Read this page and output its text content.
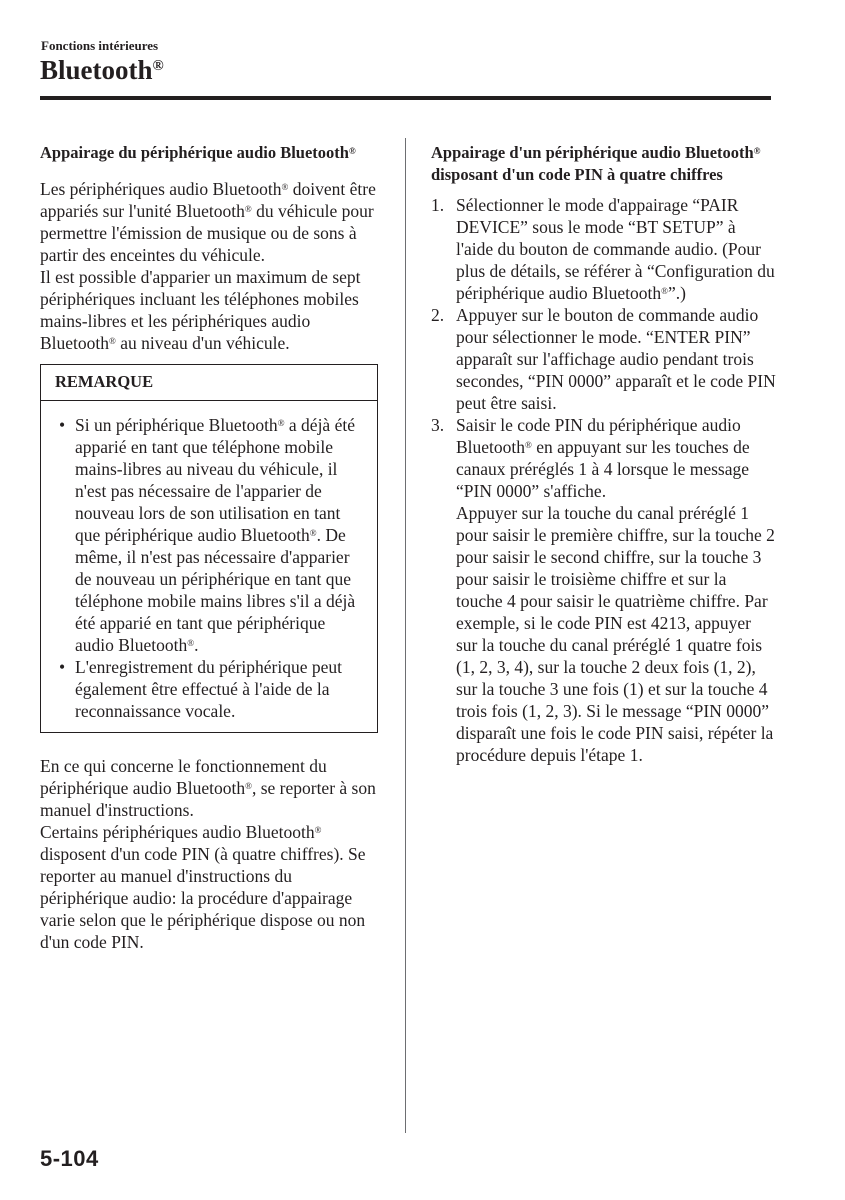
Fonctions intérieures
Bluetooth®

Appairage du périphérique audio Bluetooth®

Les périphériques audio Bluetooth® doivent être appariés sur l'unité Bluetooth® du véhicule pour permettre l'émission de musique ou de sons à partir des enceintes du véhicule.

Il est possible d'apparier un maximum de sept périphériques incluant les téléphones mobiles mains-libres et les périphériques audio Bluetooth® au niveau d'un véhicule.

REMARQUE

• Si un périphérique Bluetooth® a déjà été apparié en tant que téléphone mobile mains-libres au niveau du véhicule, il n'est pas nécessaire de l'apparier de nouveau lors de son utilisation en tant que périphérique audio Bluetooth®. De même, il n'est pas nécessaire d'apparier de nouveau un périphérique en tant que téléphone mobile mains libres s'il a déjà été apparié en tant que périphérique audio Bluetooth®.

• L'enregistrement du périphérique peut également être effectué à l'aide de la reconnaissance vocale.

En ce qui concerne le fonctionnement du périphérique audio Bluetooth®, se reporter à son manuel d'instructions.

Certains périphériques audio Bluetooth® disposent d'un code PIN (à quatre chiffres). Se reporter au manuel d'instructions du périphérique audio: la procédure d'appairage varie selon que le périphérique dispose ou non d'un code PIN.

Appairage d'un périphérique audio Bluetooth® disposant d'un code PIN à quatre chiffres

1. Sélectionner le mode d'appairage “PAIR DEVICE” sous le mode “BT SETUP” à l'aide du bouton de commande audio. (Pour plus de détails, se référer à “Configuration du périphérique audio Bluetooth®”.)
2. Appuyer sur le bouton de commande audio pour sélectionner le mode. “ENTER PIN” apparaît sur l'affichage audio pendant trois secondes, “PIN 0000” apparaît et le code PIN peut être saisi.
3. Saisir le code PIN du périphérique audio Bluetooth® en appuyant sur les touches de canaux préréglés 1 à 4 lorsque le message “PIN 0000” s'affiche.
Appuyer sur la touche du canal préréglé 1 pour saisir le première chiffre, sur la touche 2 pour saisir le second chiffre, sur la touche 3 pour saisir le troisième chiffre et sur la touche 4 pour saisir le quatrième chiffre. Par exemple, si le code PIN est 4213, appuyer sur la touche du canal préréglé 1 quatre fois (1, 2, 3, 4), sur la touche 2 deux fois (1, 2), sur la touche 3 une fois (1) et sur la touche 4 trois fois (1, 2, 3). Si le message “PIN 0000” disparaît une fois le code PIN saisi, répéter la procédure depuis l'étape 1.
5-104
